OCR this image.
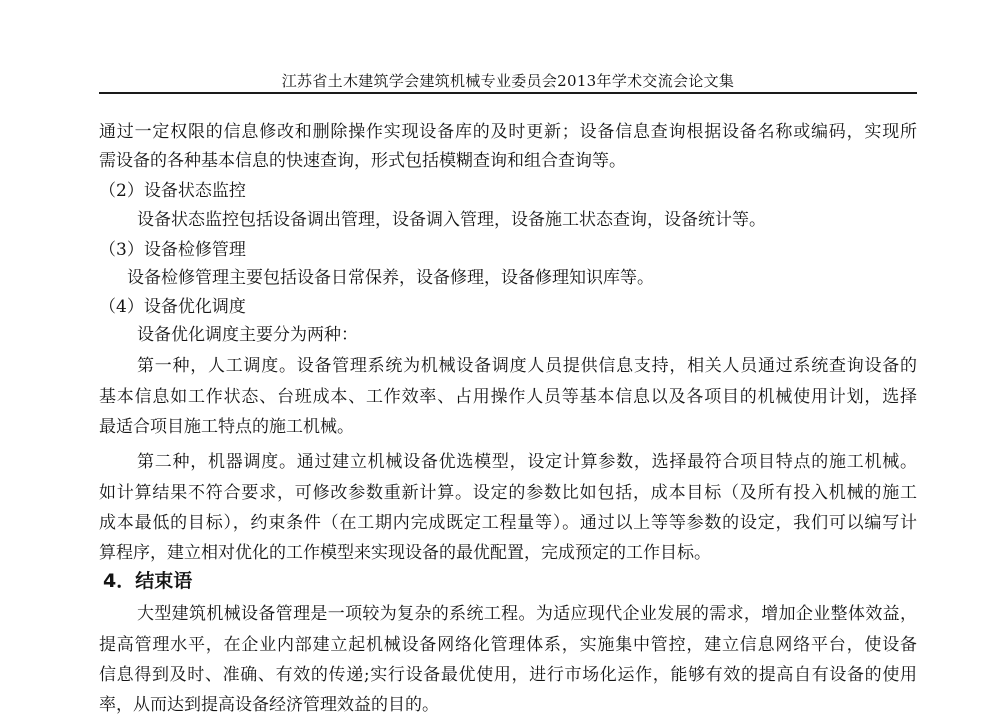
江苏省土木建筑学会建筑机械专业委员会2013年学术交流会论文集
通过一定权限的信息修改和删除操作实现设备库的及时更新；设备信息查询根据设备名称或编码，实现所
需设备的各种基本信息的快速查询，形式包括模糊查询和组合查询等。
（2）设备状态监控
设备状态监控包括设备调出管理，设备调入管理，设备施工状态查询，设备统计等。
（3）设备检修管理
设备检修管理主要包括设备日常保养，设备修理，设备修理知识库等。
（4）设备优化调度
设备优化调度主要分为两种：
第一种，人工调度。设备管理系统为机械设备调度人员提供信息支持，相关人员通过系统查询设备的
基本信息如工作状态、台班成本、工作效率、占用操作人员等基本信息以及各项目的机械使用计划，选择
最适合项目施工特点的施工机械。
第二种，机器调度。通过建立机械设备优选模型，设定计算参数，选择最符合项目特点的施工机械。
如计算结果不符合要求，可修改参数重新计算。设定的参数比如包括，成本目标（及所有投入机械的施工
成本最低的目标），约束条件（在工期内完成既定工程量等）。通过以上等等参数的设定，我们可以编写计
算程序，建立相对优化的工作模型来实现设备的最优配置，完成预定的工作目标。
4．结束语
大型建筑机械设备管理是一项较为复杂的系统工程。为适应现代企业发展的需求，增加企业整体效益，
提高管理水平，在企业内部建立起机械设备网络化管理体系，实施集中管控，建立信息网络平台，使设备
信息得到及时、准确、有效的传递;实行设备最优使用，进行市场化运作，能够有效的提高自有设备的使用
率，从而达到提高设备经济管理效益的目的。
